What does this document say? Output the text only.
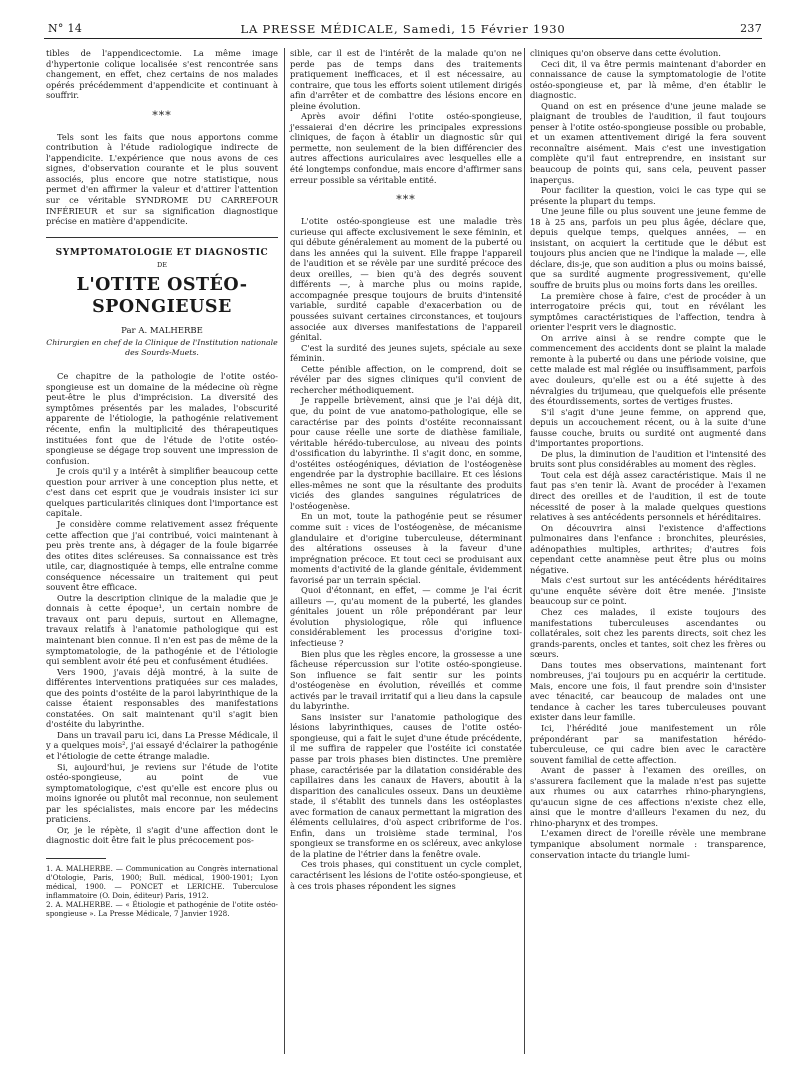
N° 14	LA PRESSE MÉDICALE, Samedi, 15 Février 1930	237

tibles de l'appendicectomie. La même image d'hypertonie colique localisée s'est rencontrée sans changement, en effet, chez certains de nos malades opérés précédemment d'appendicite et continuant à souffrir.

***

Tels sont les faits que nous apportons comme contribution à l'étude radiologique indirecte de l'appendicite. L'expérience que nous avons de ces signes, d'observation courante et le plus souvent associés, plus encore que notre statistique, nous permet d'en affirmer la valeur et d'attirer l'attention sur ce véritable SYNDROME DU CARREFOUR INFÉRIEUR et sur sa signification diagnostique précise en matière d'appendicite.

SYMPTOMATOLOGIE ET DIAGNOSTIC
DE
L'OTITE OSTÉO-SPONGIEUSE
Par A. MALHERBE
Chirurgien en chef de la Clinique de l'Institution nationale des Sourds-Muets.

Ce chapitre de la pathologie de l'otite ostéo-spongieuse est un domaine de la médecine où règne peut-être le plus d'imprécision. La diversité des symptômes présentés par les malades, l'obscurité apparente de l'étiologie, la pathogénie relativement récente, enfin la multiplicité des thérapeutiques instituées font que de l'étude de l'otite ostéo-spongieuse se dégage trop souvent une impression de confusion.

Je crois qu'il y a intérêt à simplifier beaucoup cette question pour arriver à une conception plus nette, et c'est dans cet esprit que je voudrais insister ici sur quelques particularités cliniques dont l'importance est capitale.

Je considère comme relativement assez fréquente cette affection que j'ai contribué, voici maintenant à peu près trente ans, à dégager de la foule bigarrée des otites dites scléreuses. Sa connaissance est très utile, car, diagnostiquée à temps, elle entraîne comme conséquence nécessaire un traitement qui peut souvent être efficace.

Outre la description clinique de la maladie que je donnais à cette époque¹, un certain nombre de travaux ont paru depuis, surtout en Allemagne, travaux relatifs à l'anatomie pathologique qui est maintenant bien connue. Il n'en est pas de même de la symptomatologie, de la pathogénie et de l'étiologie qui semblent avoir été peu et confusément étudiées.

Vers 1900, j'avais déjà montré, à la suite de différentes interventions pratiquées sur ces malades, que des points d'ostéite de la paroi labyrinthique de la caisse étaient responsables des manifestations constatées. On sait maintenant qu'il s'agit bien d'ostéite du labyrinthe.

Dans un travail paru ici, dans La Presse Médicale, il y a quelques mois², j'ai essayé d'éclairer la pathogénie et l'étiologie de cette étrange maladie.

Si, aujourd'hui, je reviens sur l'étude de l'otite ostéo-spongieuse, au point de vue symptomatologique, c'est qu'elle est encore plus ou moins ignorée ou plutôt mal reconnue, non seulement par les spécialistes, mais encore par les médecins praticiens.

Or, je le répète, il s'agit d'une affection dont le diagnostic doit être fait le plus précocement pos-

1. A. MALHERBE. — Communication au Congrès international d'Otologie, Paris, 1900; Bull. médical, 1900-1901; Lyon médical, 1900. — PONCET et LERICHE. Tuberculose inflammatoire (O. Doin, éditeur) Paris, 1912.

2. A. MALHERBE. — « Étiologie et pathogénie de l'otite ostéo-spongieuse ». La Presse Médicale, 7 Janvier 1928.

sible, car il est de l'intérêt de la malade qu'on ne perde pas de temps dans des traitements pratiquement inefficaces, et il est nécessaire, au contraire, que tous les efforts soient utilement dirigés afin d'arrêter et de combattre des lésions encore en pleine évolution.

Après avoir défini l'otite ostéo-spongieuse, j'essaierai d'en décrire les principales expressions cliniques, de façon à établir un diagnostic sûr qui permette, non seulement de la bien différencier des autres affections auriculaires avec lesquelles elle a été longtemps confondue, mais encore d'affirmer sans erreur possible sa véritable entité.

***

L'otite ostéo-spongieuse est une maladie très curieuse qui affecte exclusivement le sexe féminin, et qui débute généralement au moment de la puberté ou dans les années qui la suivent. Elle frappe l'appareil de l'audition et se révèle par une surdité précoce des deux oreilles, — bien qu'à des degrés souvent différents —, à marche plus ou moins rapide, accompagnée presque toujours de bruits d'intensité variable, surdité capable d'exacerbation ou de poussées suivant certaines circonstances, et toujours associée aux diverses manifestations de l'appareil génital.

C'est la surdité des jeunes sujets, spéciale au sexe féminin.

Cette pénible affection, on le comprend, doit se révéler par des signes cliniques qu'il convient de rechercher méthodiquement.

Je rappelle brièvement, ainsi que je l'ai déjà dit, que, du point de vue anatomo-pathologique, elle se caractérise par des points d'ostéite reconnaissant pour cause réelle une sorte de diathèse familiale, véritable hérédo-tuberculose, au niveau des points d'ossification du labyrinthe. Il s'agit donc, en somme, d'ostéites ostéogéniques, déviation de l'ostéogenèse engendrée par la dystrophie bacillaire. Et ces lésions elles-mêmes ne sont que la résultante des produits viciés des glandes sanguines régulatrices de l'ostéogenèse.

En un mot, toute la pathogénie peut se résumer comme suit : vices de l'ostéogenèse, de mécanisme glandulaire et d'origine tuberculeuse, déterminant des altérations osseuses à la faveur d'une imprégnation précoce. Et tout ceci se produisant aux moments d'activité de la glande génitale, évidemment favorisé par un terrain spécial.

Quoi d'étonnant, en effet, — comme je l'ai écrit ailleurs —, qu'au moment de la puberté, les glandes génitales jouent un rôle prépondérant par leur évolution physiologique, rôle qui influence considérablement les processus d'origine toxi-infectieuse ?

Bien plus que les règles encore, la grossesse a une fâcheuse répercussion sur l'otite ostéo-spongieuse. Son influence se fait sentir sur les points d'ostéogenèse en évolution, réveillés et comme activés par le travail irritatif qui a lieu dans la capsule du labyrinthe.

Sans insister sur l'anatomie pathologique des lésions labyrinthiques, causes de l'otite ostéo-spongieuse, qui a fait le sujet d'une étude précédente, il me suffira de rappeler que l'ostéite ici constatée passe par trois phases bien distinctes. Une première phase, caractérisée par la dilatation considérable des capillaires dans les canaux de Havers, aboutit à la disparition des canalicules osseux. Dans un deuxième stade, il s'établit des tunnels dans les ostéoplastes avec formation de canaux permettant la migration des éléments cellulaires, d'où aspect cribriforme de l'os. Enfin, dans un troisième stade terminal, l'os spongieux se transforme en os scléreux, avec ankylose de la platine de l'étrier dans la fenêtre ovale.

Ces trois phases, qui constituent un cycle complet, caractérisent les lésions de l'otite ostéo-spongieuse, et à ces trois phases répondent les signes

cliniques qu'on observe dans cette évolution.

Ceci dit, il va être permis maintenant d'aborder en connaissance de cause la symptomatologie de l'otite ostéo-spongieuse et, par là même, d'en établir le diagnostic.

Quand on est en présence d'une jeune malade se plaignant de troubles de l'audition, il faut toujours penser à l'otite ostéo-spongieuse possible ou probable, et un examen attentivement dirigé la fera souvent reconnaître aisément. Mais c'est une investigation complète qu'il faut entreprendre, en insistant sur beaucoup de points qui, sans cela, peuvent passer inaperçus.

Pour faciliter la question, voici le cas type qui se présente la plupart du temps.

Une jeune fille ou plus souvent une jeune femme de 18 à 25 ans, parfois un peu plus âgée, déclare que, depuis quelque temps, quelques années, — en insistant, on acquiert la certitude que le début est toujours plus ancien que ne l'indique la malade —, elle déclare, dis-je, que son audition a plus ou moins baissé, que sa surdité augmente progressivement, qu'elle souffre de bruits plus ou moins forts dans les oreilles.

La première chose à faire, c'est de procéder à un interrogatoire précis qui, tout en révélant les symptômes caractéristiques de l'affection, tendra à orienter l'esprit vers le diagnostic.

On arrive ainsi à se rendre compte que le commencement des accidents dont se plaint la malade remonte à la puberté ou dans une période voisine, que cette malade est mal réglée ou insuffisamment, parfois avec douleurs, qu'elle est ou a été sujette à des névralgies du trijumeau, que quelquefois elle présente des étourdissements, sortes de vertiges frustes.

S'il s'agit d'une jeune femme, on apprend que, depuis un accouchement récent, ou à la suite d'une fausse couche, bruits ou surdité ont augmenté dans d'importantes proportions.

De plus, la diminution de l'audition et l'intensité des bruits sont plus considérables au moment des règles.

Tout cela est déjà assez caractéristique. Mais il ne faut pas s'en tenir là. Avant de procéder à l'examen direct des oreilles et de l'audition, il est de toute nécessité de poser à la malade quelques questions relatives à ses antécédents personnels et héréditaires.

On découvrira ainsi l'existence d'affections pulmonaires dans l'enfance : bronchites, pleurésies, adénopathies multiples, arthrites; d'autres fois cependant cette anamnèse peut être plus ou moins négative.

Mais c'est surtout sur les antécédents héréditaires qu'une enquête sévère doit être menée. J'insiste beaucoup sur ce point.

Chez ces malades, il existe toujours des manifestations tuberculeuses ascendantes ou collatérales, soit chez les parents directs, soit chez les grands-parents, oncles et tantes, soit chez les frères ou sœurs.

Dans toutes mes observations, maintenant fort nombreuses, j'ai toujours pu en acquérir la certitude. Mais, encore une fois, il faut prendre soin d'insister avec ténacité, car beaucoup de malades ont une tendance à cacher les tares tuberculeuses pouvant exister dans leur famille.

Ici, l'hérédité joue manifestement un rôle prépondérant par sa manifestation hérédo-tuberculeuse, ce qui cadre bien avec le caractère souvent familial de cette affection.

Avant de passer à l'examen des oreilles, on s'assurera facilement que la malade n'est pas sujette aux rhumes ou aux catarrhes rhino-pharyngiens, qu'aucun signe de ces affections n'existe chez elle, ainsi que le montre d'ailleurs l'examen du nez, du rhino-pharynx et des trompes.

L'examen direct de l'oreille révèle une membrane tympanique absolument normale : transparence, conservation intacte du triangle lumi-
